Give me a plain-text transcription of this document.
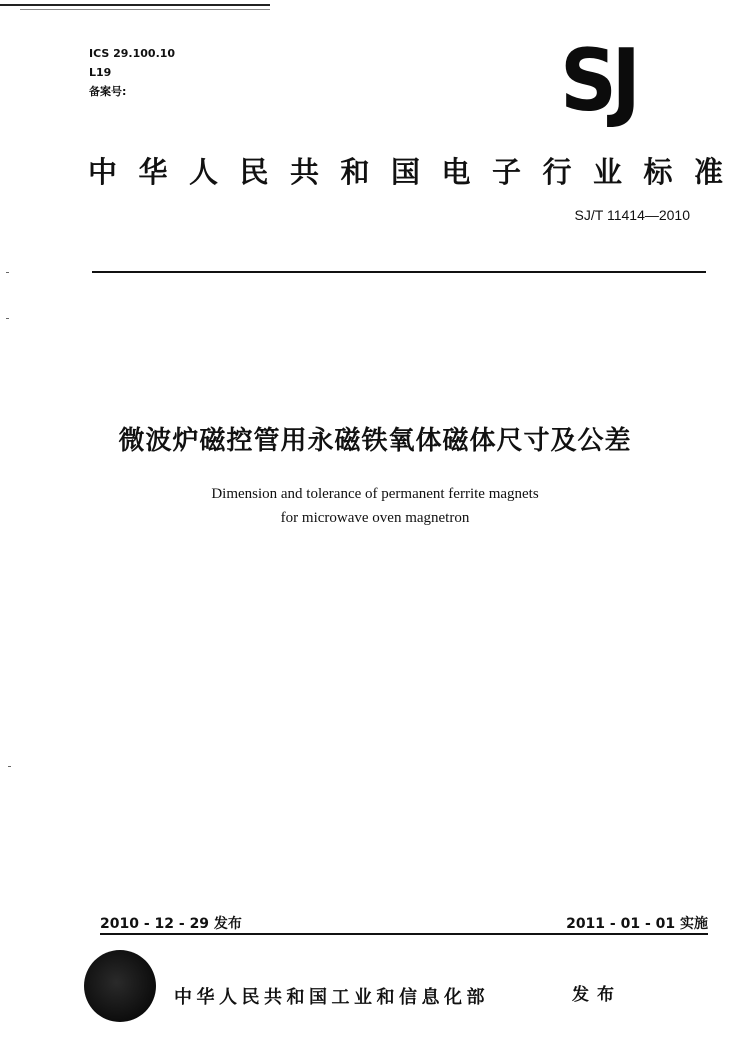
ICS 29.100.10
L19
备案号:	SJ
中华人民共和国电子行业标准
SJ/T 11414—2010
微波炉磁控管用永磁铁氧体磁体尺寸及公差
Dimension and tolerance of permanent ferrite magnets
for microwave oven magnetron
2010 - 12 - 29 发布	2011 - 01 - 01 实施
中华人民共和国工业和信息化部	发布
